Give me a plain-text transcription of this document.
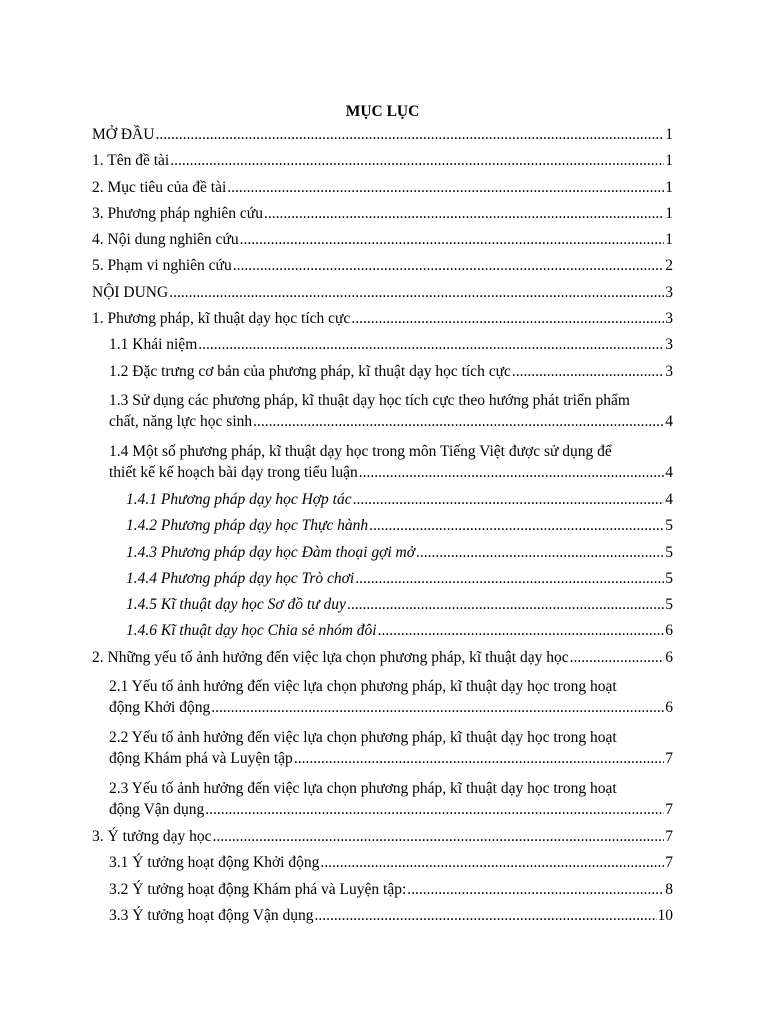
MỤC LỤC
MỞ ĐẦU .....	1
1. Tên đề tài .....	1
2. Mục tiêu của đề tài .....	1
3. Phương pháp nghiên cứu .....	1
4. Nội dung nghiên cứu .....	1
5. Phạm vi nghiên cứu .....	2
NỘI DUNG .....	3
1. Phương pháp, kĩ thuật dạy học tích cực .....	3
1.1 Khái niệm .....	3
1.2 Đặc trưng cơ bản của phương pháp, kĩ thuật dạy học tích cực .....	3
1.3 Sử dụng các phương pháp, kĩ thuật dạy học tích cực theo hướng phát triển phẩm
chất, năng lực học sinh .....	4
1.4 Một số phương pháp, kĩ thuật dạy học trong môn Tiếng Việt được sử dụng để
thiết kế kế hoạch bài dạy trong tiểu luận .....	4
1.4.1 Phương pháp dạy học Hợp tác .....	4
1.4.2 Phương pháp dạy học Thực hành .....	5
1.4.3 Phương pháp dạy học Đàm thoại gợi mở .....	5
1.4.4 Phương pháp dạy học Trò chơi .....	5
1.4.5 Kĩ thuật dạy học Sơ đồ tư duy .....	5
1.4.6 Kĩ thuật dạy học Chia sẻ nhóm đôi .....	6
2. Những yếu tố ảnh hưởng đến việc lựa chọn phương pháp, kĩ thuật dạy học .....	6
2.1 Yếu tố ảnh hưởng đến việc lựa chọn phương pháp, kĩ thuật dạy học trong hoạt
động Khởi động .....	6
2.2 Yếu tố ảnh hưởng đến việc lựa chọn phương pháp, kĩ thuật dạy học trong hoạt
động Khám phá và Luyện tập .....	7
2.3 Yếu tố ảnh hưởng đến việc lựa chọn phương pháp, kĩ thuật dạy học trong hoạt
động Vận dụng .....	7
3. Ý tưởng dạy học .....	7
3.1 Ý tưởng hoạt động Khởi động .....	7
3.2 Ý tưởng hoạt động Khám phá và Luyện tập: .....	8
3.3 Ý tưởng hoạt động Vận dụng .....	10
